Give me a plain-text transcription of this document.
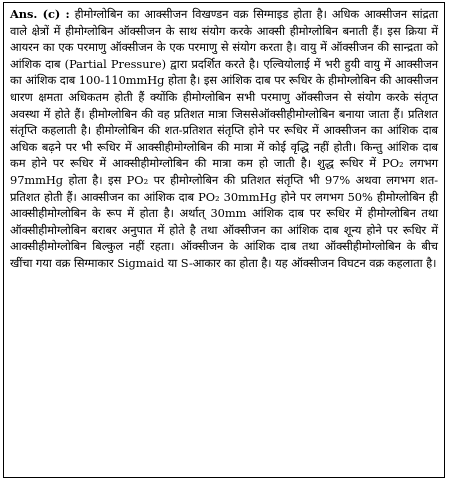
Ans. (c) : हीमोग्लोबिन का आक्सीजन विखण्डन वक्र सिग्माइड होता है। अधिक आक्सीजन सांद्रता वाले क्षेत्रों में हीमोग्लोबिन ऑक्सीजन के साथ संयोग करके आक्सी हीमोग्लोबिन बनाती हैं। इस क्रिया में आयरन का एक परमाणु ऑक्सीजन के एक परमाणु से संयोग करता है। वायु में ऑक्सीजन की सान्द्रता को आंशिक दाब (Partial Pressure) द्वारा प्रदर्शित करते है। एल्वियोलाई में भरी हुयी वायु में आक्सीजन का आंशिक दाब 100-110mmHg होता है। इस आंशिक दाब पर रूधिर के हीमोग्लोबिन की आक्सीजन धारण क्षमता अधिकतम होती हैं क्योंकि हीमोग्लोबिन सभी परमाणु ऑक्सीजन से संयोग करके संतृप्त अवस्था में होते हैं। हीमोग्लोबिन की वह प्रतिशत मात्रा जिससेऑक्सीहीमोग्लोबिन बनाया जाता हैं। प्रतिशत संतृप्ति कहलाती है। हीमोग्लोबिन की शत-प्रतिशत संतृप्ति होने पर रूधिर में आक्सीजन का आंशिक दाब अधिक बढ़ने पर भी रूधिर में आक्सीहीमोग्लोबिन की मात्रा में कोई वृद्धि नहीं होती। किन्तु आंशिक दाब कम होने पर रूधिर में आक्सीहीमोग्लोबिन की मात्रा कम हो जाती है। शुद्ध रूधिर में PO₂ लगभग 97mmHg होता है। इस PO₂ पर हीमोग्लोबिन की प्रतिशत संतृप्ति भी 97% अथवा लगभग शत-प्रतिशत होती हैं। आक्सीजन का आंशिक दाब PO₂ 30mmHg होने पर लगभग 50% हीमोग्लोबिन ही आक्सीहीमोग्लोबिन के रूप में होता है। अर्थात् 30mm आंशिक दाब पर रूधिर में हीमोग्लोबिन तथा ऑक्सीहीमोग्लोबिन बराबर अनुपात में होते है तथा ऑक्सीजन का आंशिक दाब शून्य होने पर रूधिर में आक्सीहीमोग्लोबिन बिल्कुल नहीं रहता। ऑक्सीजन के आंशिक दाब तथा ऑक्सीहीमोग्लोबिन के बीच खींचा गया वक्र सिग्माकार Sigmaid या S-आकार का होता है। यह ऑक्सीजन विघटन वक्र कहलाता है।
